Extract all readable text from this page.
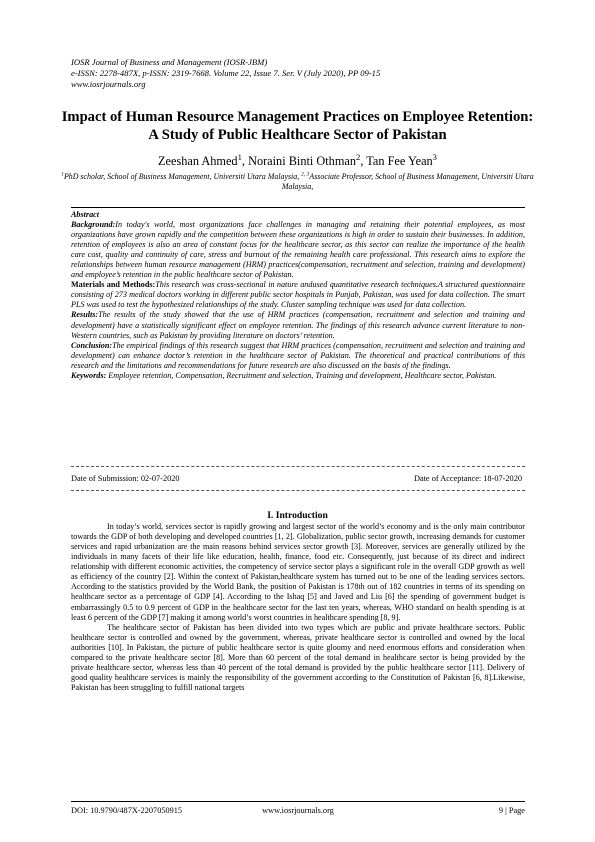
IOSR Journal of Business and Management (IOSR-JBM)
e-ISSN: 2278-487X, p-ISSN: 2319-7668. Volume 22, Issue 7. Ser. V (July 2020), PP 09-15
www.iosrjournals.org
Impact of Human Resource Management Practices on Employee Retention: A Study of Public Healthcare Sector of Pakistan
Zeeshan Ahmed$^1$, Noraini Binti Othman$^2$, Tan Fee Yean$^3$
$^1$PhD scholar, School of Business Management, Universiti Utara Malaysia, $^{2, 3}$Associate Professor, School of Business Management, Universiti Utara Malaysia,

Abstract

Background:In today's world, most organizations face challenges in managing and retaining their potential employees, as most organizations have grown rapidly and the competition between these organizations is high in order to sustain their businesses. In addition, retention of employees is also an area of constant focus for the healthcare sector, as this sector can realize the importance of the health care cost, quality and continuity of care, stress and burnout of the remaining health care professional. This research aims to explore the relationships between human resource management (HRM) practices(compensation, recruitment and selection, training and development) and employee’s retention in the public healthcare sector of Pakistan.

Materials and Methods:This research was cross-sectional in nature andused quantitative research techniques.A structured questionnaire consisting of 273 medical doctors working in different public sector hospitals in Punjab, Pakistan, was used for data collection. The smart PLS was used to test the hypothesized relationships of the study. Cluster sampling technique was used for data collection.

Results:The results of the study showed that the use of HRM practices (compensation, recruitment and selection and training and development) have a statistically significant effect on employee retention. The findings of this research advance current literature to non-Western countries, such as Pakistan by providing literature on doctors’ retention.

Conclusion:The empirical findings of this research suggest that HRM practices (compensation, recruitment and selection and training and development) can enhance doctor’s retention in the healthcare sector of Pakistan. The theoretical and practical contributions of this research and the limitations and recommendations for future research are also discussed on the basis of the findings.

Keywords: Employee retention, Compensation, Recruitment and selection, Training and development, Healthcare sector, Pakistan.

Date of Submission: 02-07-2020	Date of Acceptance: 18-07-2020
I. Introduction

In today’s world, services sector is rapidly growing and largest sector of the world’s economy and is the only main contributor towards the GDP of both developing and developed countries [1, 2]. Globalization, public sector growth, increasing demands for customer services and rapid urbanization are the main reasons behind services sector growth [3]. Moreover, services are generally utilized by the individuals in many facets of their life like education, health, finance, food etc. Consequently, just because of its direct and indirect relationship with different economic activities, the competency of service sector plays a significant role in the overall GDP growth as well as efficiency of the country [2]. Within the context of Pakistan,healthcare system has turned out to be one of the leading services sectors. According to the statistics provided by the World Bank, the position of Pakistan is 178th out of 182 countries in terms of its spending on healthcare sector as a percentage of GDP [4]. According to the Ishaq [5] and Javed and Liu [6] the spending of government budget is embarrassingly 0.5 to 0.9 percent of GDP in the healthcare sector for the last ten years, whereas, WHO standard on health spending is at least 6 percent of the GDP [7] making it among world’s worst countries in healthcare spending [8, 9].

The healthcare sector of Pakistan has been divided into two types which are public and private healthcare sectors. Public healthcare sector is controlled and owned by the government, whereas, private healthcare sector is controlled and owned by the local authorities [10]. In Pakistan, the picture of public healthcare sector is quite gloomy and need enormous efforts and consideration when compared to the private healthcare sector [8]. More than 60 percent of the total demand in healthcare sector is being provided by the private healthcare sector, whereas less than 40 percent of the total demand is provided by the public healthcare sector [11]. Delivery of good quality healthcare services is mainly the responsibility of the government according to the Constitution of Pakistan [6, 8].Likewise, Pakistan has been struggling to fulfill national targets

DOI: 10.9790/487X-2207050915	www.iosrjournals.org	9 | Page
